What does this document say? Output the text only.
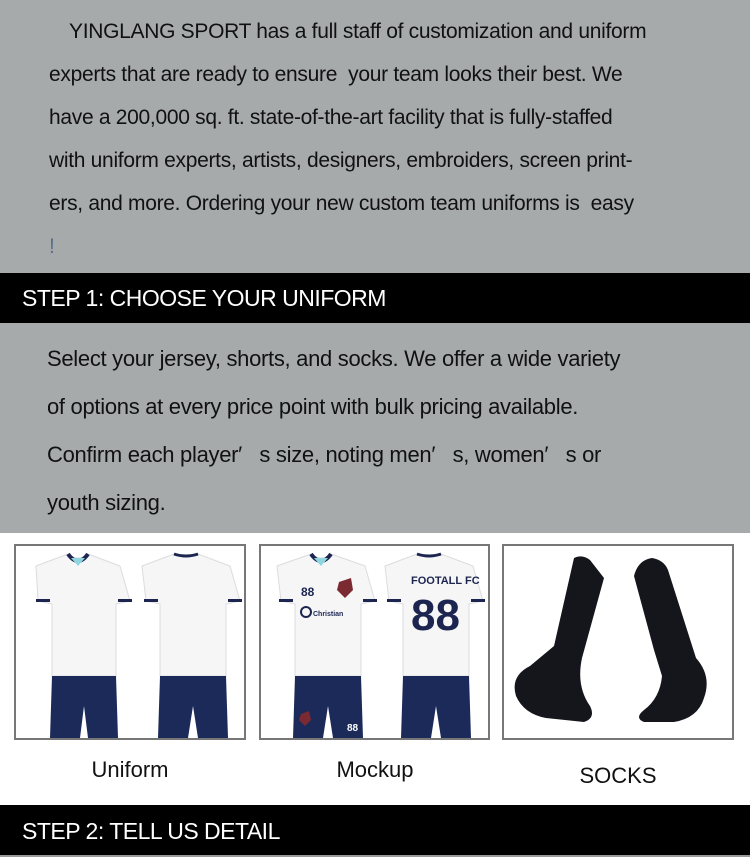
YINGLANG SPORT has a full staff of customization and uniform
experts that are ready to ensure  your team looks their best. We
have a 200,000 sq. ft. state-of-the-art facility that is fully-staffed
with uniform experts, artists, designers, embroiders, screen print-
ers, and more. Ordering your new custom team uniforms is  easy
!
STEP 1: CHOOSE YOUR UNIFORM
Select your jersey, shorts, and socks. We offer a wide variety
of options at every price point with bulk pricing available.
Confirm each player′   s size, noting men′   s, women′   s or
youth sizing.
Uniform
88
Christian
88
FOOTALL FC
88
Mockup	SOCKS
STEP 2: TELL US DETAIL
